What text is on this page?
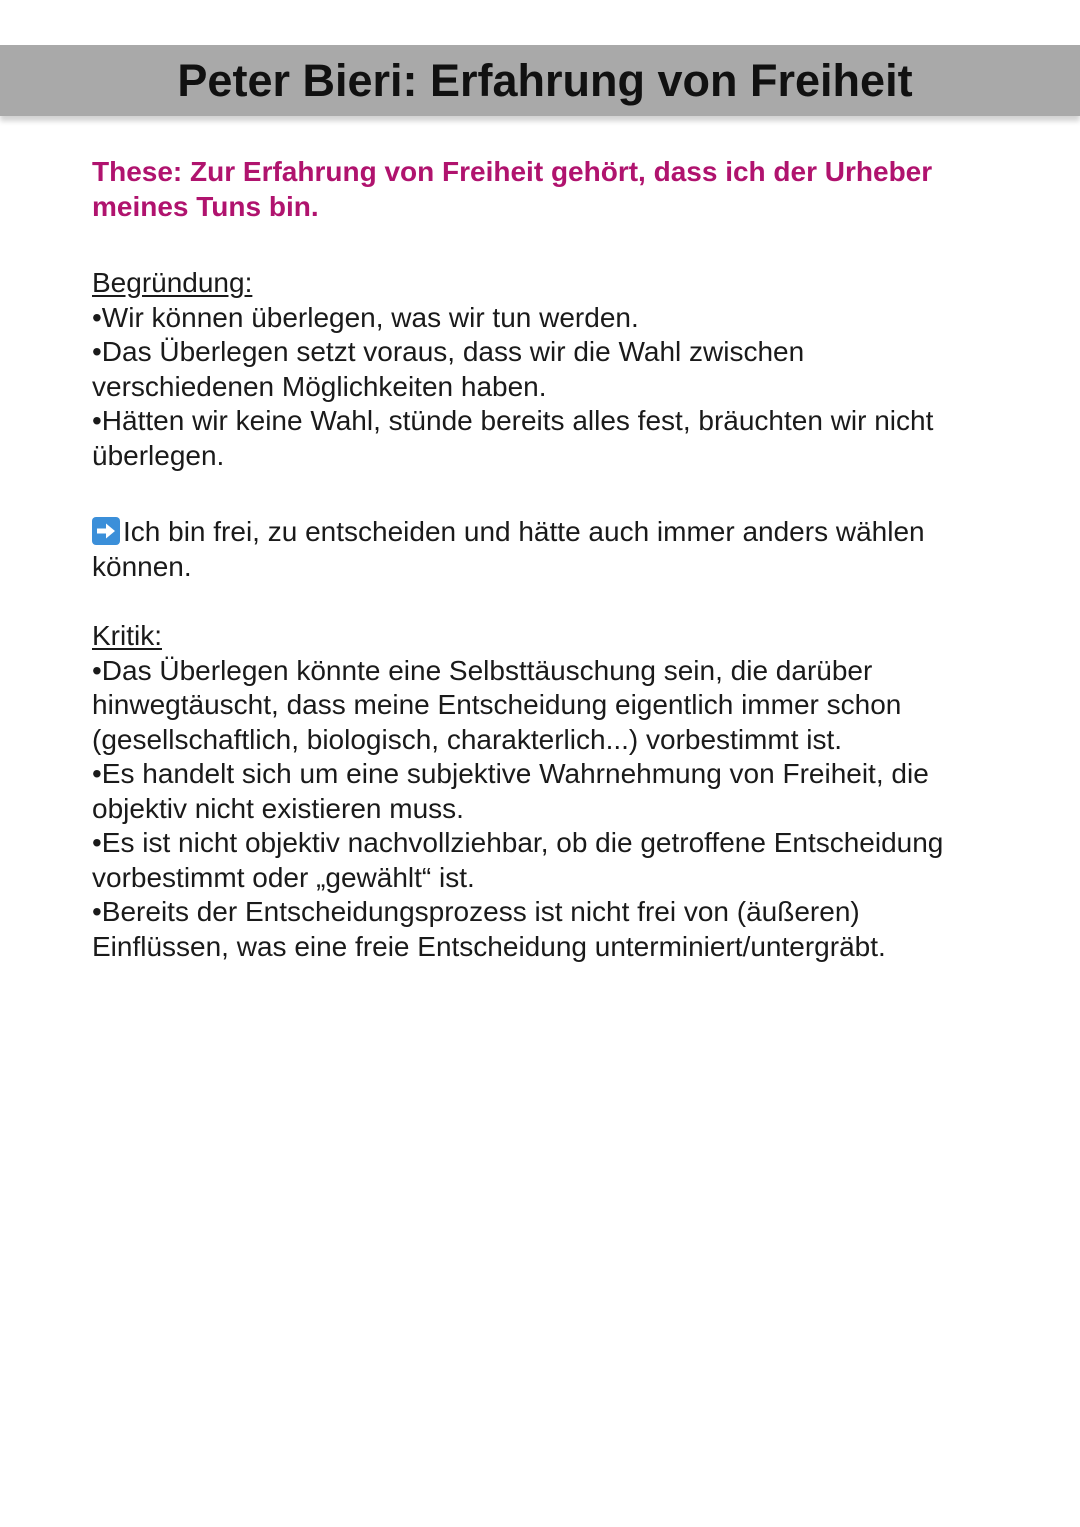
Peter Bieri: Erfahrung von Freiheit

These: Zur Erfahrung von Freiheit gehört, dass ich der Urheber

meines Tuns bin.

Begründung:

•Wir können überlegen, was wir tun werden.

•Das Überlegen setzt voraus, dass wir die Wahl zwischen

verschiedenen Möglichkeiten haben.

•Hätten wir keine Wahl, stünde bereits alles fest, bräuchten wir nicht

überlegen.

Ich bin frei, zu entscheiden und hätte auch immer anders wählen

können.

Kritik:

•Das Überlegen könnte eine Selbsttäuschung sein, die darüber

hinwegtäuscht, dass meine Entscheidung eigentlich immer schon

(gesellschaftlich, biologisch, charakterlich...) vorbestimmt ist.

•Es handelt sich um eine subjektive Wahrnehmung von Freiheit, die

objektiv nicht existieren muss.

•Es ist nicht objektiv nachvollziehbar, ob die getroffene Entscheidung

vorbestimmt oder „gewählt“ ist.

•Bereits der Entscheidungsprozess ist nicht frei von (äußeren)

Einflüssen, was eine freie Entscheidung unterminiert/untergräbt.
